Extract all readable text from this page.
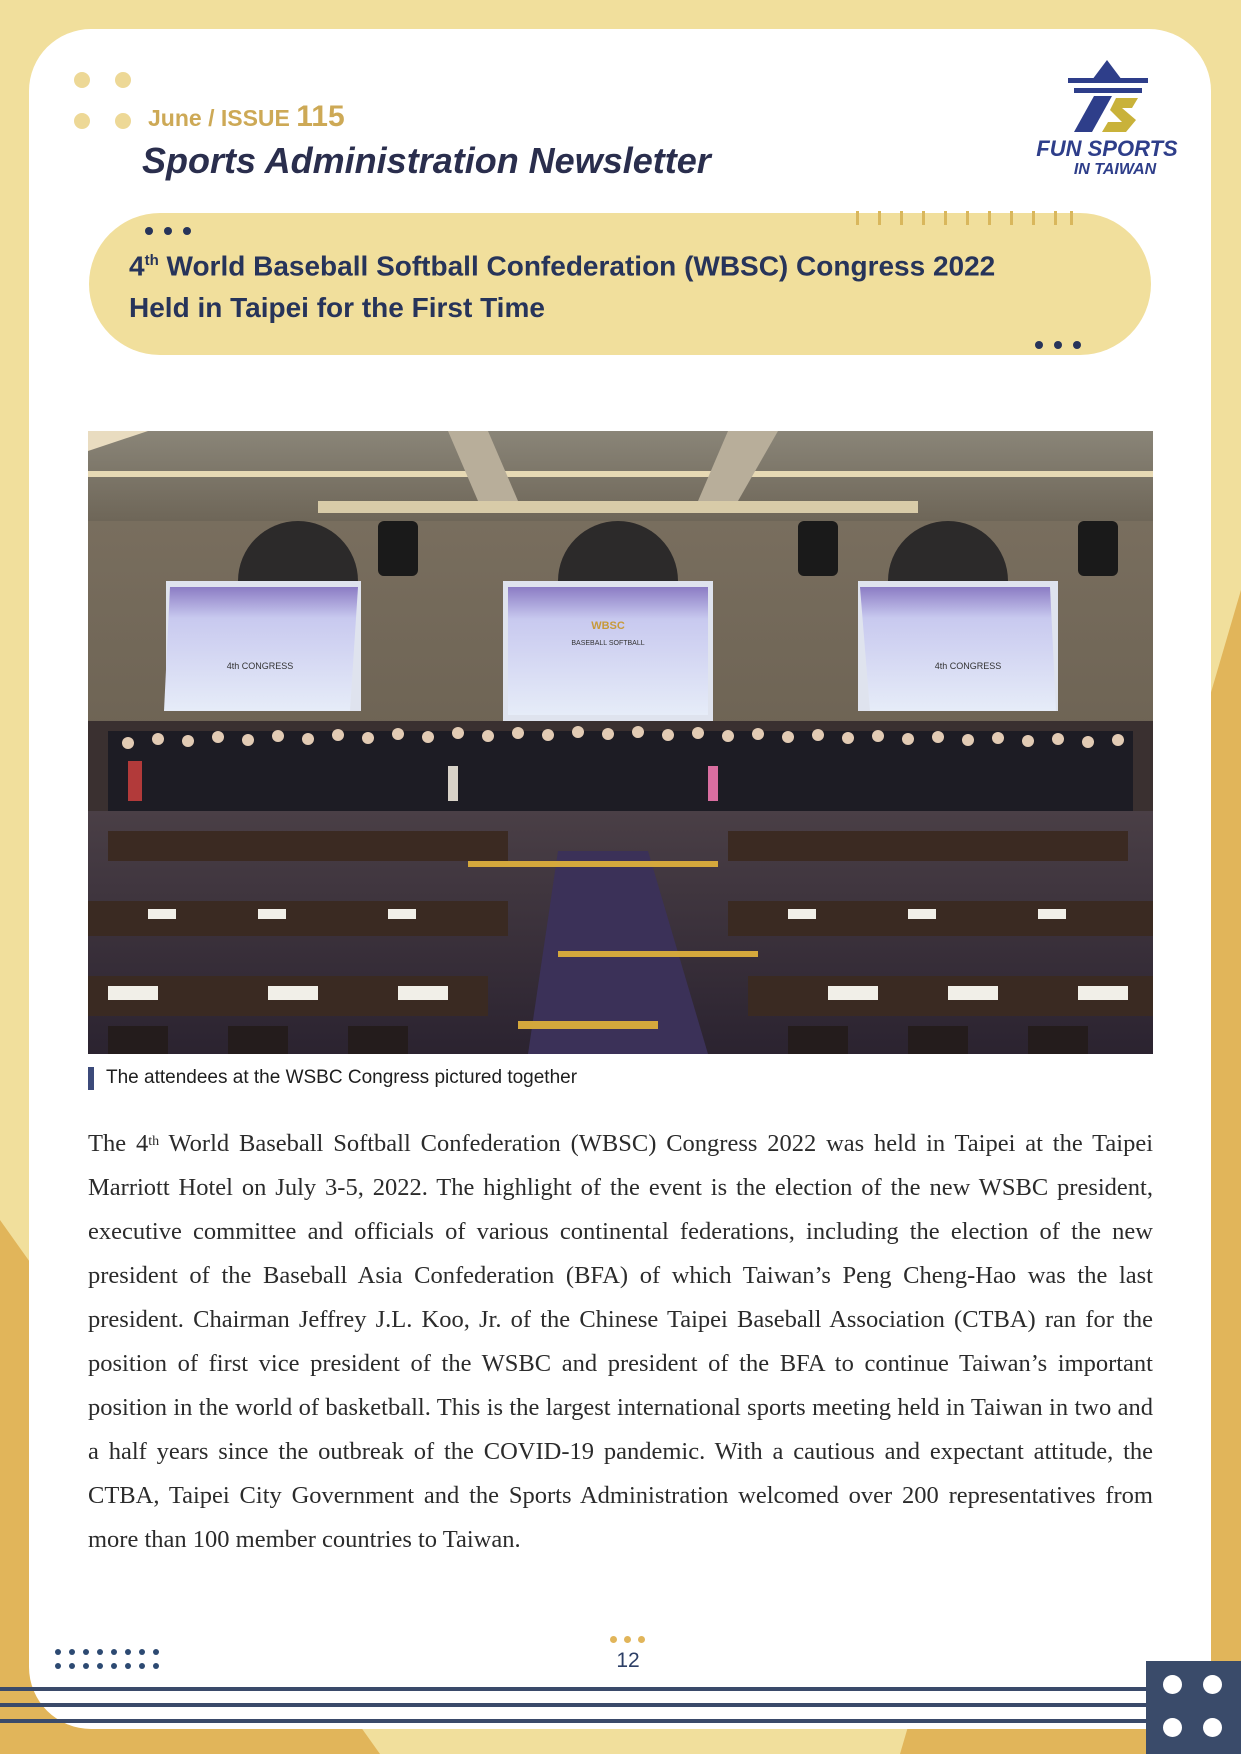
June / ISSUE 115
Sports Administration Newsletter	FUN SPORTS
IN TAIWAN
4th World Baseball Softball Confederation (WBSC) Congress 2022
Held in Taipei for the First Time
4th CONGRESS
WBSC
BASEBALL SOFTBALL
4th CONGRESS
The attendees at the WSBC Congress pictured together

The 4th World Baseball Softball Confederation (WBSC) Congress 2022 was held in Taipei at the Taipei Marriott Hotel on July 3-5, 2022. The highlight of the event is the election of the new WSBC president, executive committee and officials of various continental federations, including the election of the new president of the Baseball Asia Confederation (BFA) of which Taiwan’s Peng Cheng-Hao was the last president. Chairman Jeffrey J.L. Koo, Jr. of the Chinese Taipei Baseball Association (CTBA) ran for the position of first vice president of the WSBC and president of the BFA to continue Taiwan’s important position in the world of basketball. This is the largest international sports meeting held in Taiwan in two and a half years since the outbreak of the COVID-19 pandemic. With a cautious and expectant attitude, the CTBA, Taipei City Government and the Sports Administration welcomed over 200 representatives from more than 100 member countries to Taiwan.

12
